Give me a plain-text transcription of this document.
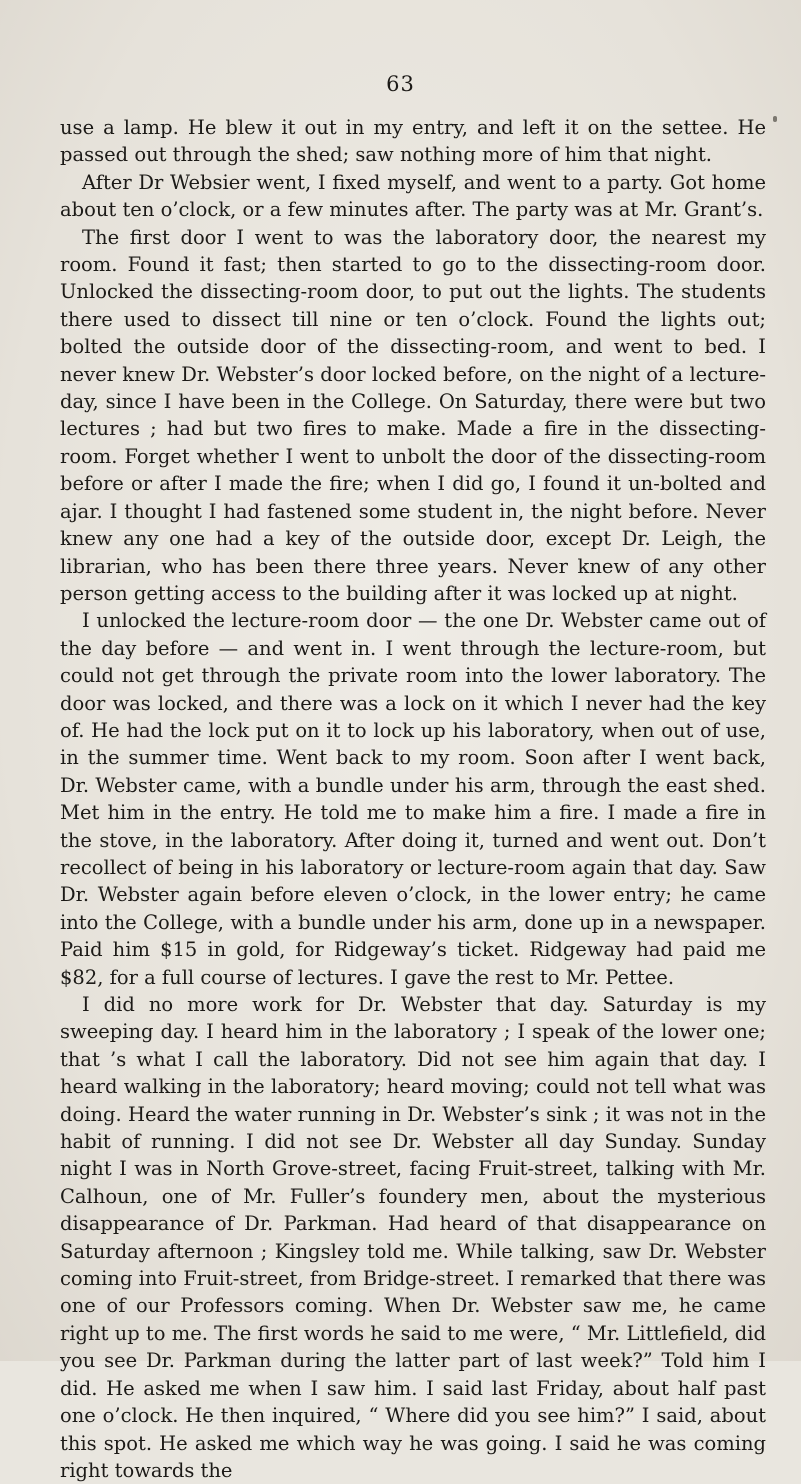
63

use a lamp. He blew it out in my entry, and left it on the settee. He passed out through the shed; saw nothing more of him that night.

After Dr Websier went, I fixed myself, and went to a party. Got home about ten o’clock, or a few minutes after. The party was at Mr. Grant’s.

The first door I went to was the laboratory door, the nearest my room. Found it fast; then started to go to the dissecting-room door. Unlocked the dissecting-room door, to put out the lights. The students there used to dissect till nine or ten o’clock. Found the lights out; bolted the outside door of the dissecting-room, and went to bed. I never knew Dr. Webster’s door locked before, on the night of a lecture-day, since I have been in the College. On Saturday, there were but two lectures ; had but two fires to make. Made a fire in the dissecting-room. Forget whether I went to unbolt the door of the dissecting-room before or after I made the fire; when I did go, I found it un-bolted and ajar. I thought I had fastened some student in, the night before. Never knew any one had a key of the outside door, except Dr. Leigh, the librarian, who has been there three years. Never knew of any other person getting access to the building after it was locked up at night.

I unlocked the lecture-room door — the one Dr. Webster came out of the day before — and went in. I went through the lecture-room, but could not get through the private room into the lower laboratory. The door was locked, and there was a lock on it which I never had the key of. He had the lock put on it to lock up his laboratory, when out of use, in the summer time. Went back to my room. Soon after I went back, Dr. Webster came, with a bundle under his arm, through the east shed. Met him in the entry. He told me to make him a fire. I made a fire in the stove, in the laboratory. After doing it, turned and went out. Don’t recollect of being in his laboratory or lecture-room again that day. Saw Dr. Webster again before eleven o’clock, in the lower entry; he came into the College, with a bundle under his arm, done up in a newspaper. Paid him $15 in gold, for Ridgeway’s ticket. Ridgeway had paid me $82, for a full course of lectures. I gave the rest to Mr. Pettee.

I did no more work for Dr. Webster that day. Saturday is my sweeping day. I heard him in the laboratory ; I speak of the lower one; that ’s what I call the laboratory. Did not see him again that day. I heard walking in the laboratory; heard moving; could not tell what was doing. Heard the water running in Dr. Webster’s sink ; it was not in the habit of running. I did not see Dr. Webster all day Sunday. Sunday night I was in North Grove-street, facing Fruit-street, talking with Mr. Calhoun, one of Mr. Fuller’s foundery men, about the mysterious disappearance of Dr. Parkman. Had heard of that disappearance on Saturday afternoon ; Kingsley told me. While talking, saw Dr. Webster coming into Fruit-street, from Bridge-street. I remarked that there was one of our Professors coming. When Dr. Webster saw me, he came right up to me. The first words he said to me were, “ Mr. Littlefield, did you see Dr. Parkman during the latter part of last week?” Told him I did. He asked me when I saw him. I said last Friday, about half past one o’clock. He then inquired, “ Where did you see him?” I said, about this spot. He asked me which way he was going. I said he was coming right towards the
